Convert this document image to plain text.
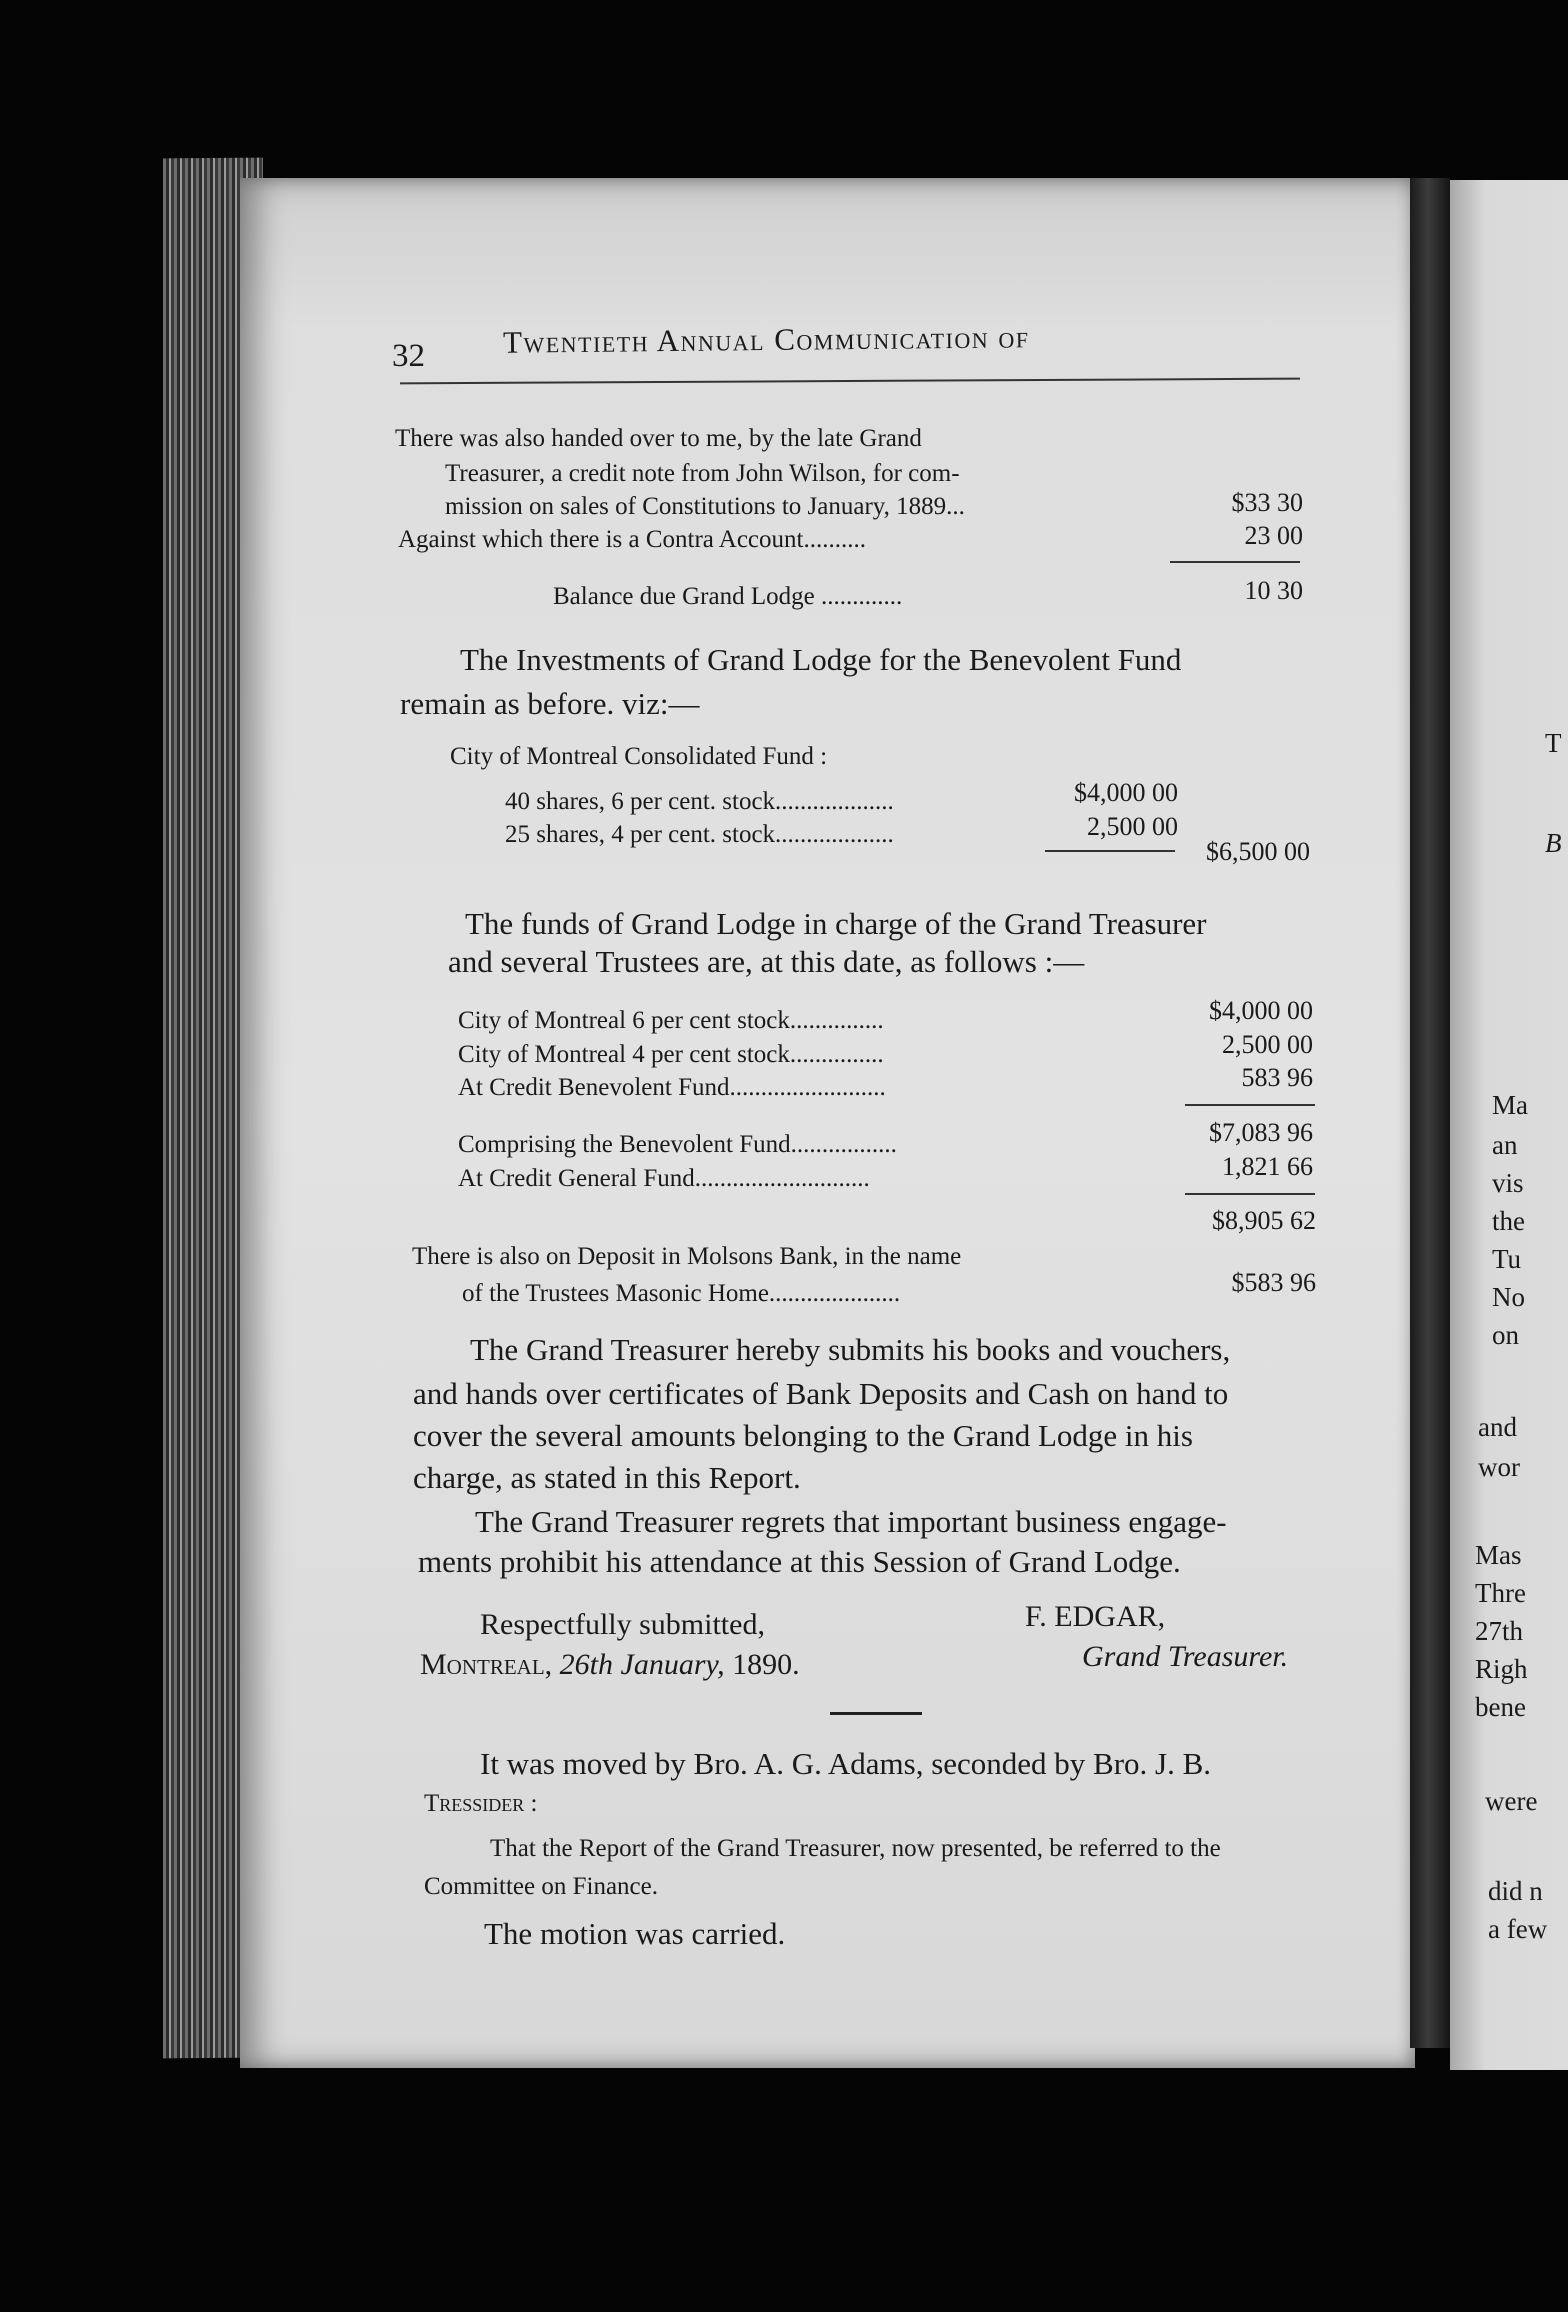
32	Twentieth Annual Communication of
There was also handed over to me, by the late Grand
Treasurer, a credit note from John Wilson, for com-
mission on sales of Constitutions to January, 1889...	$33 30
Against which there is a Contra Account..........	23 00
Balance due Grand Lodge .............	10 30
The Investments of Grand Lodge for the Benevolent Fund
remain as before. viz:—
City of Montreal Consolidated Fund :
40 shares, 6 per cent. stock...................	$4,000 00
25 shares, 4 per cent. stock...................	2,500 00
$6,500 00
The funds of Grand Lodge in charge of the Grand Treasurer
and several Trustees are, at this date, as follows :—
City of Montreal 6 per cent stock...............	$4,000 00
City of Montreal 4 per cent stock...............	2,500 00
At Credit Benevolent Fund.........................	583 96
Comprising the Benevolent Fund.................	$7,083 96
At Credit General Fund............................	1,821 66
$8,905 62
There is also on Deposit in Molsons Bank, in the name
of the Trustees Masonic Home.....................	$583 96
The Grand Treasurer hereby submits his books and vouchers,
and hands over certificates of Bank Deposits and Cash on hand to
cover the several amounts belonging to the Grand Lodge in his
charge, as stated in this Report.
The Grand Treasurer regrets that important business engage-
ments prohibit his attendance at this Session of Grand Lodge.
Respectfully submitted,
Montreal, 26th January, 1890.
F. EDGAR,
Grand Treasurer.
It was moved by Bro. A. G. Adams, seconded by Bro. J. B.
Tressider :
That the Report of the Grand Treasurer, now presented, be referred to the
Committee on Finance.
The motion was carried.
T
B
Ma
an
vis
the
Tu
No
on
and
wor
Mas
Thre
27th
Righ
bene
were
did n
a few
